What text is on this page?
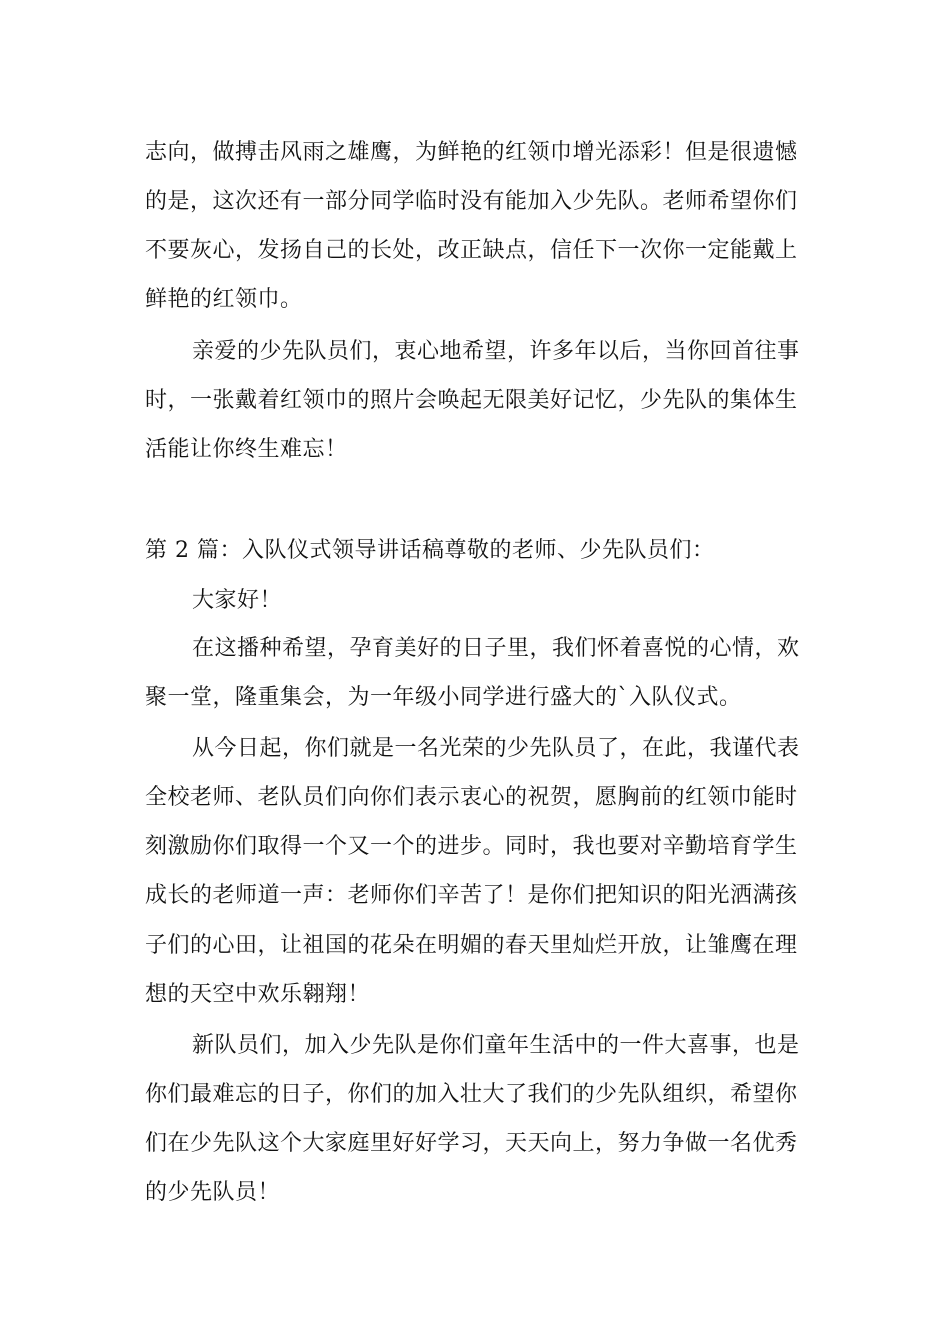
志向，做搏击风雨之雄鹰，为鲜艳的红领巾增光添彩！但是很遗憾
的是，这次还有一部分同学临时没有能加入少先队。老师希望你们
不要灰心，发扬自己的长处，改正缺点，信任下一次你一定能戴上
鲜艳的红领巾。
亲爱的少先队员们，衷心地希望，许多年以后，当你回首往事
时，一张戴着红领巾的照片会唤起无限美好记忆，少先队的集体生
活能让你终生难忘！
第 2 篇：入队仪式领导讲话稿尊敬的老师、少先队员们：
大家好！
在这播种希望，孕育美好的日子里，我们怀着喜悦的心情，欢
聚一堂，隆重集会，为一年级小同学进行盛大的`入队仪式。
从今日起，你们就是一名光荣的少先队员了，在此，我谨代表
全校老师、老队员们向你们表示衷心的祝贺，愿胸前的红领巾能时
刻激励你们取得一个又一个的进步。同时，我也要对辛勤培育学生
成长的老师道一声：老师你们辛苦了！是你们把知识的阳光洒满孩
子们的心田，让祖国的花朵在明媚的春天里灿烂开放，让雏鹰在理
想的天空中欢乐翱翔！
新队员们，加入少先队是你们童年生活中的一件大喜事，也是
你们最难忘的日子，你们的加入壮大了我们的少先队组织，希望你
们在少先队这个大家庭里好好学习，天天向上，努力争做一名优秀
的少先队员！
